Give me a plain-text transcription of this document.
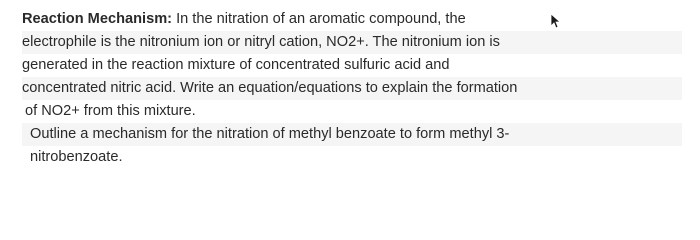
Reaction Mechanism: In the nitration of an aromatic compound, the
electrophile is the nitronium ion or nitryl cation, NO2+. The nitronium ion is
generated in the reaction mixture of concentrated sulfuric acid and
concentrated nitric acid. Write an equation/equations to explain the formation
of NO2+ from this mixture.
Outline a mechanism for the nitration of methyl benzoate to form methyl 3-
nitrobenzoate.
